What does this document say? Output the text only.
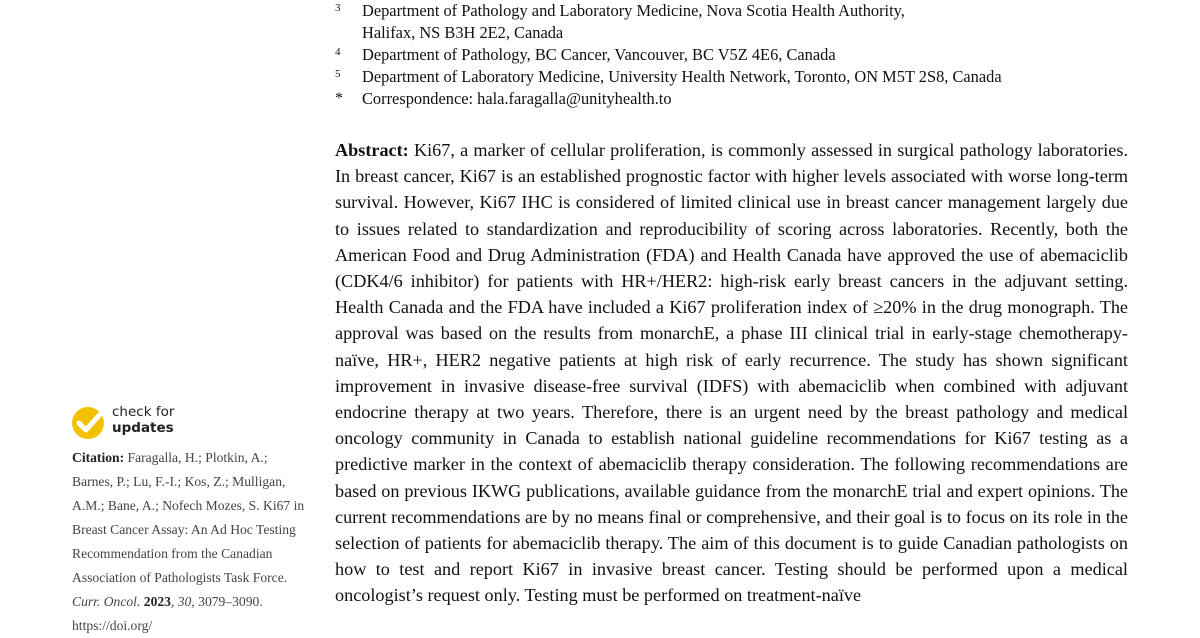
3 Department of Pathology and Laboratory Medicine, Nova Scotia Health Authority,
Halifax, NS B3H 2E2, Canada
4 Department of Pathology, BC Cancer, Vancouver, BC V5Z 4E6, Canada
5 Department of Laboratory Medicine, University Health Network, Toronto, ON M5T 2S8, Canada
* Correspondence: hala.faragalla@unityhealth.to

Abstract: Ki67, a marker of cellular proliferation, is commonly assessed in surgical pathology laboratories. In breast cancer, Ki67 is an established prognostic factor with higher levels associated with worse long-term survival. However, Ki67 IHC is considered of limited clinical use in breast cancer management largely due to issues related to standardization and reproducibility of scoring across laboratories. Recently, both the American Food and Drug Administration (FDA) and Health Canada have approved the use of abemaciclib (CDK4/6 inhibitor) for patients with HR+/HER2: high-risk early breast cancers in the adjuvant setting. Health Canada and the FDA have included a Ki67 proliferation index of ≥20% in the drug monograph. The approval was based on the results from monarchE, a phase III clinical trial in early-stage chemotherapy-naïve, HR+, HER2 negative patients at high risk of early recurrence. The study has shown significant improvement in invasive disease-free survival (IDFS) with abemaciclib when combined with adjuvant endocrine therapy at two years. Therefore, there is an urgent need by the breast pathology and medical oncology community in Canada to establish national guideline recommendations for Ki67 testing as a predictive marker in the context of abemaciclib therapy consideration. The following recommendations are based on previous IKWG publications, available guidance from the monarchE trial and expert opinions. The current recommendations are by no means final or comprehensive, and their goal is to focus on its role in the selection of patients for abemaciclib therapy. The aim of this document is to guide Canadian pathologists on how to test and report Ki67 in invasive breast cancer. Testing should be performed upon a medical oncologist’s request only. Testing must be performed on treatment-naïve

check for
updates

Citation: Faragalla, H.; Plotkin, A.; Barnes, P.; Lu, F.-I.; Kos, Z.; Mulligan, A.M.; Bane, A.; Nofech Mozes, S. Ki67 in Breast Cancer Assay: An Ad Hoc Testing Recommendation from the Canadian Association of Pathologists Task Force. Curr. Oncol. 2023, 30, 3079–3090. https://doi.org/
